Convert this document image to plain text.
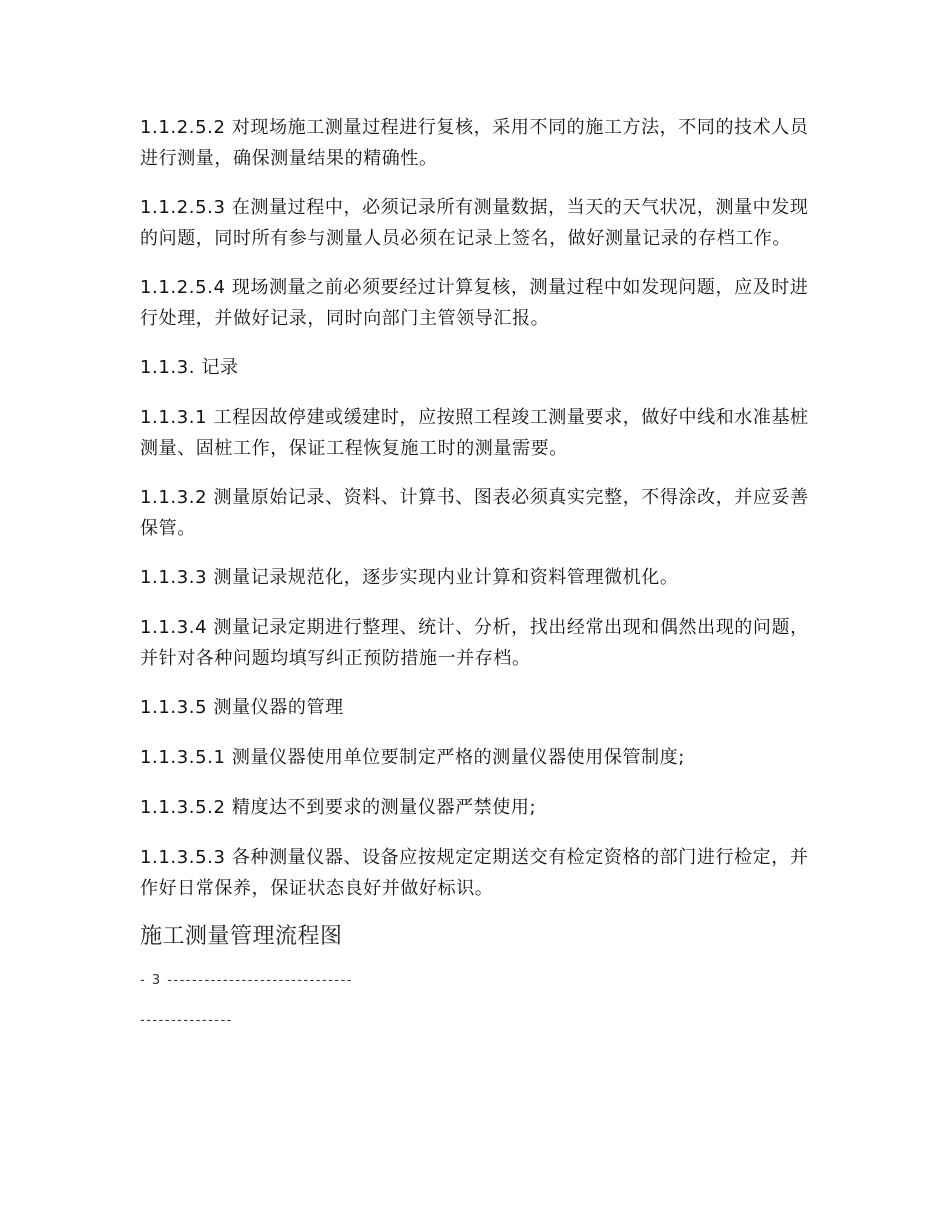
1.1.2.5.2 对现场施工测量过程进行复核，采用不同的施工方法，不同的技术人员进行测量，确保测量结果的精确性。

1.1.2.5.3 在测量过程中，必须记录所有测量数据，当天的天气状况，测量中发现的问题，同时所有参与测量人员必须在记录上签名，做好测量记录的存档工作。

1.1.2.5.4 现场测量之前必须要经过计算复核，测量过程中如发现问题，应及时进行处理，并做好记录，同时向部门主管领导汇报。

1.1.3. 记录

1.1.3.1 工程因故停建或缓建时，应按照工程竣工测量要求，做好中线和水准基桩测量、固桩工作，保证工程恢复施工时的测量需要。

1.1.3.2 测量原始记录、资料、计算书、图表必须真实完整，不得涂改，并应妥善保管。

1.1.3.3 测量记录规范化，逐步实现内业计算和资料管理微机化。

1.1.3.4 测量记录定期进行整理、统计、分析，找出经常出现和偶然出现的问题，并针对各种问题均填写纠正预防措施一并存档。

1.1.3.5 测量仪器的管理

1.1.3.5.1 测量仪器使用单位要制定严格的测量仪器使用保管制度;

1.1.3.5.2 精度达不到要求的测量仪器严禁使用;

1.1.3.5.3 各种测量仪器、设备应按规定定期送交有检定资格的部门进行检定，并作好日常保养，保证状态良好并做好标识。

施工测量管理流程图
- 3 ------------------------------
---------------
